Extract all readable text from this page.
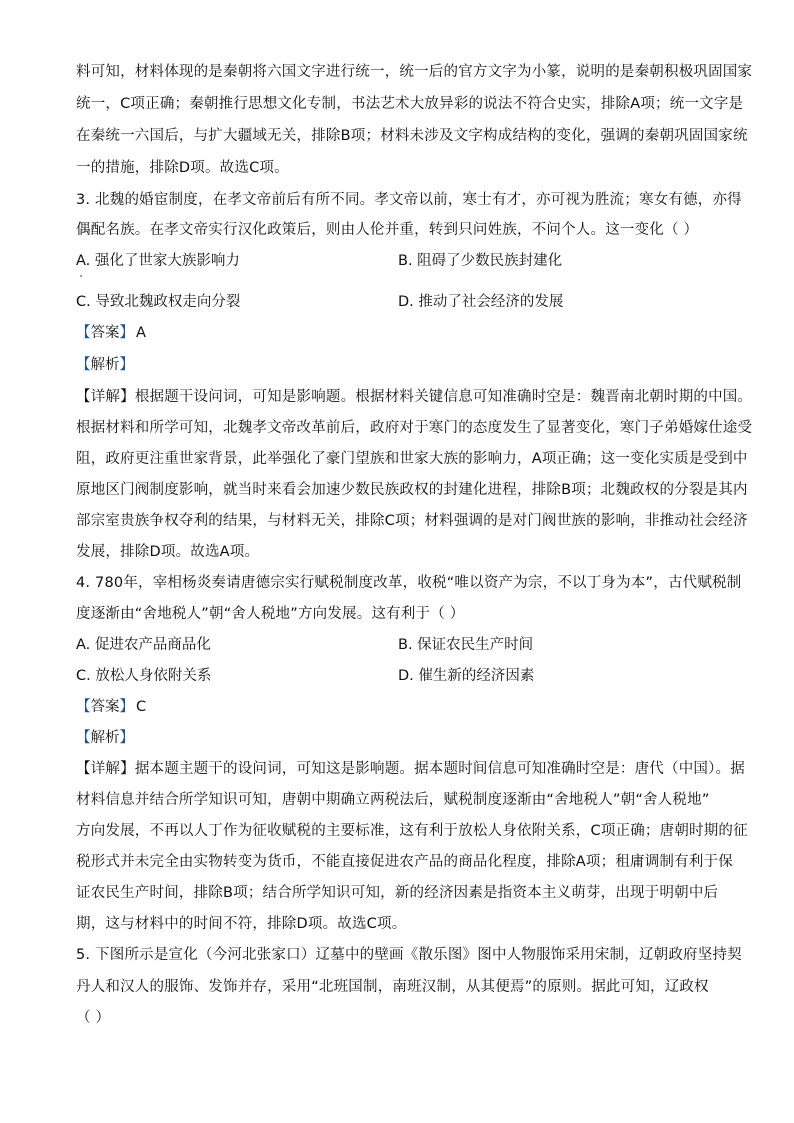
料可知，材料体现的是秦朝将六国文字进行统一，统一后的官方文字为小篆，说明的是秦朝积极巩固国家
统一，C项正确；秦朝推行思想文化专制，书法艺术大放异彩的说法不符合史实，排除A项；统一文字是
在秦统一六国后，与扩大疆域无关，排除B项；材料未涉及文字构成结构的变化，强调的秦朝巩固国家统
一的措施，排除D项。故选C项。
3. 北魏的婚宦制度，在孝文帝前后有所不同。孝文帝以前，寒士有才，亦可视为胜流；寒女有德，亦得
偶配名族。在孝文帝实行汉化政策后，则由人伦并重，转到只问姓族，不问个人。这一变化（ ）
A. 强化了世家大族影响力	B. 阻碍了少数民族封建化
C. 导致北魏政权走向分裂	D. 推动了社会经济的发展
【答案】 A
【解析】
【详解】根据题干设问词，可知是影响题。根据材料关键信息可知准确时空是：魏晋南北朝时期的中国。
根据材料和所学可知，北魏孝文帝改革前后，政府对于寒门的态度发生了显著变化，寒门子弟婚嫁仕途受
阻，政府更注重世家背景，此举强化了豪门望族和世家大族的影响力，A项正确；这一变化实质是受到中
原地区门阀制度影响，就当时来看会加速少数民族政权的封建化进程，排除B项；北魏政权的分裂是其内
部宗室贵族争权夺利的结果，与材料无关，排除C项；材料强调的是对门阀世族的影响，非推动社会经济
发展，排除D项。故选A项。
4. 780年，宰相杨炎奏请唐德宗实行赋税制度改革，收税“唯以资产为宗，不以丁身为本”，古代赋税制
度逐渐由“舍地税人”朝“舍人税地”方向发展。这有利于（ ）
A. 促进农产品商品化	B. 保证农民生产时间
C. 放松人身依附关系	D. 催生新的经济因素
【答案】 C
【解析】
【详解】据本题主题干的设问词，可知这是影响题。据本题时间信息可知准确时空是：唐代（中国）。据
材料信息并结合所学知识可知，唐朝中期确立两税法后，赋税制度逐渐由“舍地税人”朝“舍人税地”
方向发展，不再以人丁作为征收赋税的主要标准，这有利于放松人身依附关系，C项正确；唐朝时期的征
税形式并未完全由实物转变为货币，不能直接促进农产品的商品化程度，排除A项；租庸调制有利于保
证农民生产时间，排除B项；结合所学知识可知，新的经济因素是指资本主义萌芽，出现于明朝中后
期，这与材料中的时间不符，排除D项。故选C项。
5. 下图所示是宣化（今河北张家口）辽墓中的壁画《散乐图》图中人物服饰采用宋制，辽朝政府坚持契
丹人和汉人的服饰、发饰并存，采用“北班国制，南班汉制，从其便焉”的原则。据此可知，辽政权
（ ）
